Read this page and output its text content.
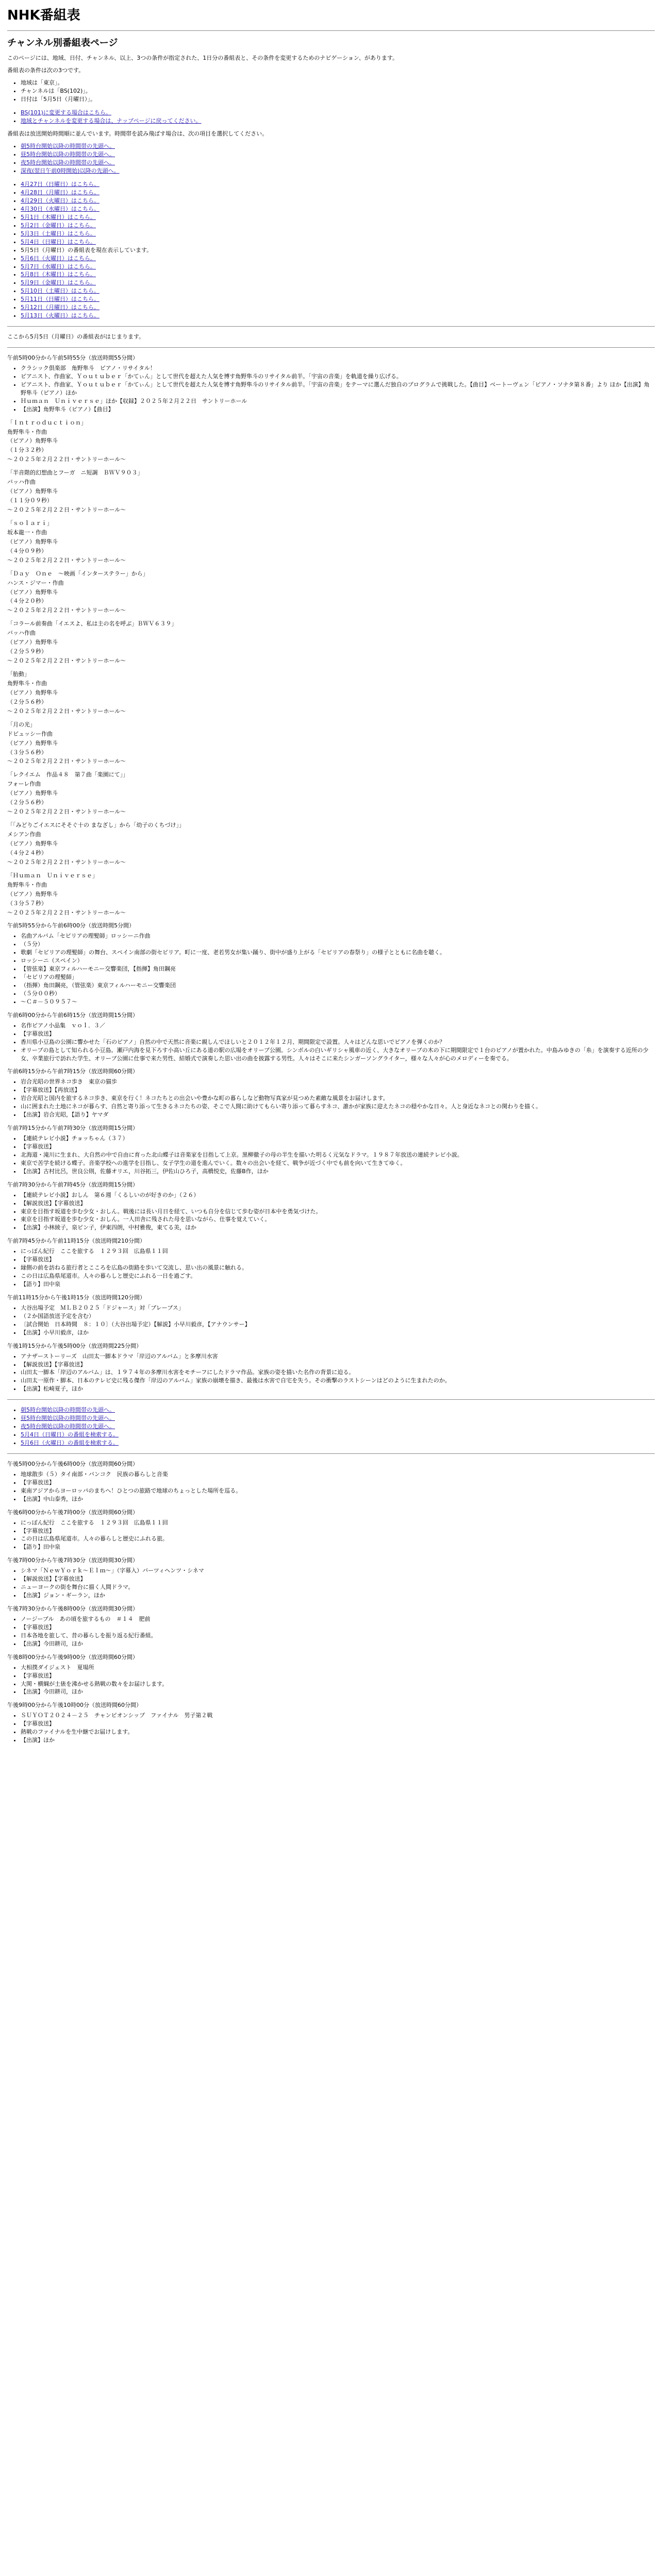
NHK番組表
チャンネル別番組表ページ

このページには、地域、日付、チャンネル、以上、3つの条件が指定された、1日分の番組表と、その条件を変更するためのナビゲーション、があります。

番組表の条件は次の3つです。

• 地域は「東京」。
• チャンネルは「BS(102)」。
• 日付は「5月5日（月曜日）」。
• BS(101)に変更する場合はこちら。
• 地域とチャンネルを変更する場合は、ナップページに戻ってください。

番組表は放送開始時間順に並んでいます。時間帯を読み飛ばす場合は、次の項目を選択してください。

• 朝5時台開始以降の時間帯の先頭へ。
• 昼5時台開始以降の時間帯の先頭へ。
• 夜5時台開始以降の時間帯の先頭へ。
• 深夜(翌日午前0時開始)以降の先頭へ。
• 4月27日（日曜日）はこちら。
• 4月28日（月曜日）はこちら。
• 4月29日（火曜日）はこちら。
• 4月30日（水曜日）はこちら。
• 5月1日（木曜日）はこちら。
• 5月2日（金曜日）はこちら。
• 5月3日（土曜日）はこちら。
• 5月4日（日曜日）はこちら。
• 5月5日（月曜日）の番組表を現在表示しています。
• 5月6日（火曜日）はこちら。
• 5月7日（水曜日）はこちら。
• 5月8日（木曜日）はこちら。
• 5月9日（金曜日）はこちら。
• 5月10日（土曜日）はこちら。
• 5月11日（日曜日）はこちら。
• 5月12日（月曜日）はこちら。
• 5月13日（火曜日）はこちら。

ここから5月5日（月曜日）の番組表がはじまります。

午前5時00分から午前5時55分（放送時間55分間）

• クラシック倶楽部　角野隼斗　ピアノ・リサイタル！
• ピアニスト、作曲家、Ｙｏｕｔｕｂｅｒ「かてぃん」として世代を超えた人気を博す角野隼斗のリサイタル前半。「宇宙の音楽」を軌道を繰り広げる。
• ピアニスト、作曲家、Ｙｏｕｔｕｂｅｒ「かてぃん」として世代を超えた人気を博す角野隼斗のリサイタル前半。「宇宙の音楽」をテーマに選んだ独自のプログラムで挑戦した。【曲目】ベートーヴェン「ピアノ・ソナタ第８番」より ほか【出演】角野隼斗（ピアノ）ほか
• Ｈｕｍａｎ　Ｕｎｉｖｅｒｓｅ」ほか【収録】２０２５年２月２２日　サントリーホール
• 【出演】角野隼斗（ピアノ）【曲目】
「Ｉｎｔｒｏｄｕｃｔｉｏｎ」
角野隼斗・作曲
（ピアノ）角野隼斗
（１分３２秒）
～２０２５年２月２２日・サントリーホール～
「半音階的幻想曲とフーガ　ニ短調　ＢＷＶ９０３」
バッハ作曲
（ピアノ）角野隼斗
（１１分０９秒）
～２０２５年２月２２日・サントリーホール～
「ｓｏｌａｒｉ」
坂本龍一・作曲
（ピアノ）角野隼斗
（４分０９秒）
～２０２５年２月２２日・サントリーホール～
「Ｄａｙ　Ｏｎｅ　～映画「インターステラー」から」
ハンス・ジマー・作曲
（ピアノ）角野隼斗
（４分２０秒）
～２０２５年２月２２日・サントリーホール～
「コラール前奏曲「イエスよ、私は主の名を呼ぶ」ＢＷＶ６３９」
バッハ作曲
（ピアノ）角野隼斗
（２分５９秒）
～２０２５年２月２２日・サントリーホール～
「胎動」
角野隼斗・作曲
（ピアノ）角野隼斗
（２分５６秒）
～２０２５年２月２２日・サントリーホール～
「月の光」
ドビュッシー作曲
（ピアノ）角野隼斗
（３分５６秒）
～２０２５年２月２２日・サントリーホール～
「レクイエム　作品４８　第７曲「楽園にて」」
フォーレ作曲
（ピアノ）角野隼斗
（２分５６秒）
～２０２５年２月２２日・サントリーホール～
「「みどりごイエスにそそぐ十の まなざし」から「幼子のくちづけ」」
メシアン作曲
（ピアノ）角野隼斗
（４分２４秒）
～２０２５年２月２２日・サントリーホール～
「Ｈｕｍａｎ　Ｕｎｉｖｅｒｓｅ」
角野隼斗・作曲
（ピアノ）角野隼斗
（３分５７秒）
～２０２５年２月２２日・サントリーホール～

午前5時55分から午前6時00分（放送時間5分間）

• 名曲アルバム「セビリアの理髪師」ロッシーニ作曲
• （５分）
• 歌劇「セビリアの理髪師」の舞台、スペイン南部の街セビリア。町に一度、老若男女が集い踊り、街中が盛り上がる「セビリアの春祭り」の様子とともに名曲を聴く。
• ロッシーニ（スペイン）
• 【管弦楽】東京フィルハーモニー交響楽団，【指揮】角田鋼亮
• 「セビリアの理髪師」
• （指揮）角田鋼亮，（管弦楽）東京フィルハーモニー交響楽団
• （５分００秒）
• ～Ｃ＃－５０９５７～

午前6時00分から午前6時15分（放送時間15分間）

• 名作ピアノ小品集　ｖｏｌ．３／
• 【字幕放送】
• 香川県小豆島の公園に響かせた「石のピアノ」自然の中で天然に音楽に親しんでほしいと２０１２年１２月、期間限定で設置。人々はどんな思いでピアノを弾くのか？
• オリーブの島として知られる小豆島。瀬戸内海を見下ろす小高い丘にある道の駅の広場をオリーブ公園。シンボルの白いギリシャ風車の近く、大きなオリーブの木の下に期間限定で１台のピアノが置かれた。中島みゆきの「糸」を演奏する近所の少女、卒業旅行で訪れた学生、オリーブ公園に仕事で来た男性、結婚式で演奏した思い出の曲を披露する男性。人々はそこに来たシンガーソングライター，様々な人々が心のメロディーを奏でる。

午前6時15分から午前7時15分（放送時間60分間）

• 岩合光昭の世界ネコ歩き　東京の猫歩
• 【字幕放送】【再放送】
• 岩合光昭と国内を旅するネコ歩き、東京を行く！ネコたちとの出会いや豊かな町の暮らしなど動物写真家が見つめた素敵な風景をお届けします。
• 山に囲まれた土地にネコが暮らす、自然と寄り添って生きるネコたちの姿、そこで人間に助けてもらい寄り添って暮らすネコ、誰かが家族に迎えたネコの穏やかな日々。人と身近なネコとの関わりを描く。
• 【出演】岩合光昭，【語り】ヤマダ

午前7時15分から午前7時30分（放送時間15分間）

• 【連続テレビ小説】チョッちゃん（３７）
• 【字幕放送】
• 北海道・滝川に生まれ、大自然の中で自由に育った北山蝶子は音楽家を目指して上京。黒柳徹子の母の半生を描いた明るく元気なドラマ。１９８７年放送の連続テレビ小説。
• 東京で苦学を続ける蝶子。音楽学校への進学を目指し、女子学生の道を進んでいく。数々の出会いを経て、戦争が近づく中でも前を向いて生きてゆく。
• 【出演】古村比呂，世良公則，佐藤オリエ，川谷拓三，伊佐山ひろ子，高橋悦史，佐藤B作，ほか

午前7時30分から午前7時45分（放送時間15分間）

• 【連続テレビ小説】おしん　第６週「くるしいのが好きのか」（２６）
• 【解説放送】【字幕放送】
• 東京を目指す坂道を歩む少女・おしん。戦後には長い月日を経て、いつも自分を信じて歩む姿が日本中を勇気づけた。
• 東京を目指す坂道を歩む少女・おしん。一人田舎に残された母を思いながら、仕事を覚えていく。
• 【出演】小林綾子，泉ピン子，伊東四朗，中村雅俊，東てる美，ほか

午前7時45分から午前11時15分（放送時間210分間）

• にっぽん紀行　ここを旅する　１２９３回　広島県１１回
• 【字幕放送】
• 縁側の前を訪ねる旅行者とこころを広島の街路を歩いて交流し、思い出の風景に触れる。
• この日は広島県尾道市。人々の暮らしと歴史にふれる一日を過ごす。
• 【語り】田中泉

午前11時15分から午後1時15分（放送時間120分間）

• 大谷出場予定　ＭＬＢ２０２５「ドジャース」対「ブレーブス」
• （２か国語放送予定を含む）
• 〔試合開始　日本時間　８：１０〕（大谷出場予定）【解説】小早川毅彦，【アナウンサー】
• 【出演】小早川毅彦，ほか

午後1時15分から午後5時00分（放送時間225分間）

• アナザーストーリーズ　山田太一脚本ドラマ「岸辺のアルバム」と多摩川水害
• 【解説放送】【字幕放送】
• 山田太一脚本「岸辺のアルバム」は、１９７４年の多摩川水害をモチーフにしたドラマ作品。家族の姿を描いた名作の背景に迫る。
• 山田太一原作・脚本、日本のテレビ史に残る傑作「岸辺のアルバム」家族の崩壊を描き、最後は水害で自宅を失う。その衝撃のラストシーンはどのように生まれたのか。
• 【出演】松崎夏子，ほか
• 朝5時台開始以降の時間帯の先頭へ。
• 昼5時台開始以降の時間帯の先頭へ。
• 夜5時台開始以降の時間帯の先頭へ。
• 5月4日（日曜日）の番組を検索する。
• 5月6日（火曜日）の番組を検索する。

午後5時00分から午後6時00分（放送時間60分間）

• 地球散歩（５）タイ南部・バンコク　民族の暮らしと音楽
• 【字幕放送】
• 東南アジアからヨーロッパのまちへ！ひとつの旅路で地球のちょっとした場所を巡る。
• 【出演】中山泰秀，ほか

午後6時00分から午後7時00分（放送時間60分間）

• にっぽん紀行　ここを旅する　１２９３回　広島県１１回
• 【字幕放送】
• この日は広島県尾道市。人々の暮らしと歴史にふれる旅。
• 【語り】田中泉

午後7時00分から午後7時30分（放送時間30分間）

• シネマ「ＮｅｗＹｏｒｋ～Ｅｌｍ～」（字幕入）バーツィヘンツ・シネマ
• 【解説放送】【字幕放送】
• ニューヨークの街を舞台に描く人間ドラマ。
• 【出演】ジョン・ギーラン，ほか

午後7時30分から午後8時00分（放送時間30分間）

• ノージーブル　あの頃を旅するもの　＃１４　肥前
• 【字幕放送】
• 日本各地を旅して、昔の暮らしを振り返る紀行番組。
• 【出演】今田耕司，ほか

午後8時00分から午後9時00分（放送時間60分間）

• 大相撲ダイジェスト　夏場所
• 【字幕放送】
• 大関・横綱が土俵を沸かせる熱戦の数々をお届けします。
• 【出演】今田耕司，ほか

午後9時00分から午後10時00分（放送時間60分間）

• ＳＵＹＯＴ２０２４－２５　チャンピオンシップ　ファイナル　男子第２戦
• 【字幕放送】
• 熱戦のファイナルを生中継でお届けします。
• 【出演】ほか
